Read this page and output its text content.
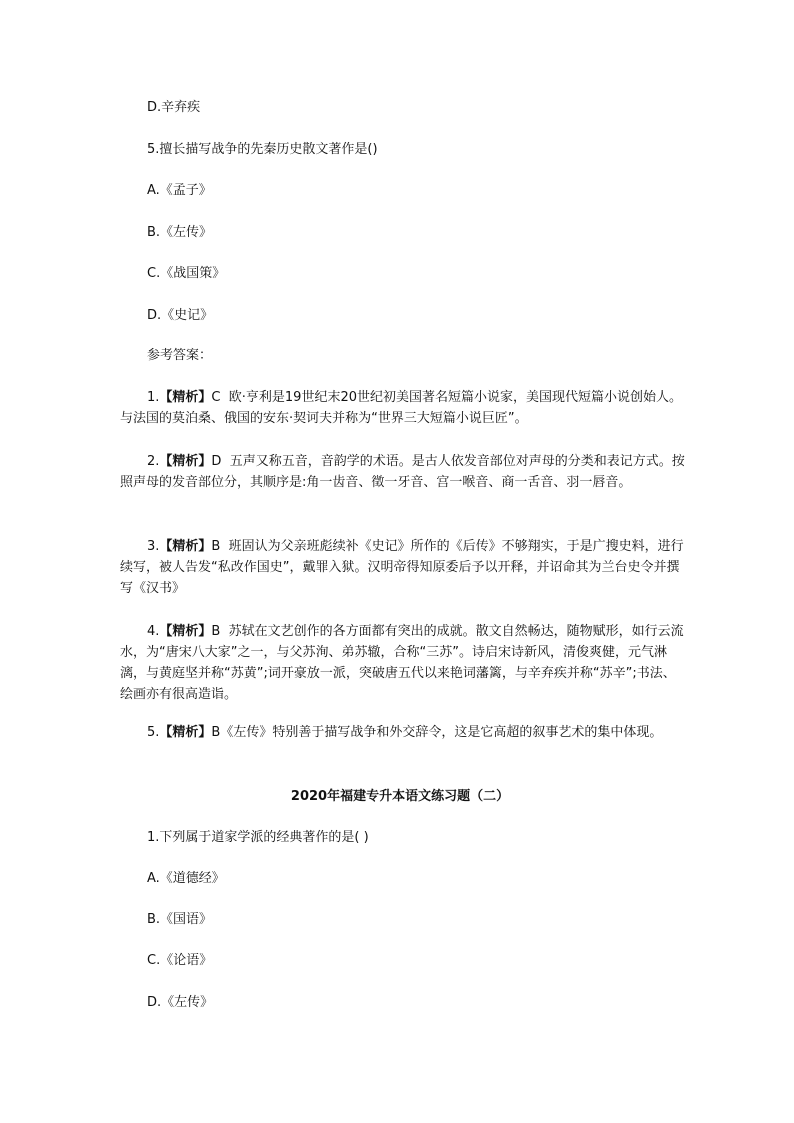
D.辛弃疾

5.擅长描写战争的先秦历史散文著作是()

A.《孟子》

B.《左传》

C.《战国策》

D.《史记》

参考答案：

1.【精析】C  欧·亨利是19世纪末20世纪初美国著名短篇小说家，美国现代短篇小说创始人。与法国的莫泊桑、俄国的安东·契诃夫并称为“世界三大短篇小说巨匠”。

2.【精析】D  五声又称五音，音韵学的术语。是古人依发音部位对声母的分类和表记方式。按照声母的发音部位分，其顺序是:角一齿音、徵一牙音、宫一喉音、商一舌音、羽一唇音。

3.【精析】B  班固认为父亲班彪续补《史记》所作的《后传》不够翔实，于是广搜史料，进行续写，被人告发“私改作国史”，戴罪入狱。汉明帝得知原委后予以开释，并诏命其为兰台史令并撰写《汉书》

4.【精析】B  苏轼在文艺创作的各方面都有突出的成就。散文自然畅达，随物赋形，如行云流水，为“唐宋八大家”之一，与父苏洵、弟苏辙，合称“三苏”。诗启宋诗新风，清俊爽健，元气淋漓，与黄庭坚并称“苏黄”;词开豪放一派，突破唐五代以来艳词藩篱，与辛弃疾并称“苏辛”;书法、绘画亦有很高造诣。

5.【精析】B《左传》特别善于描写战争和外交辞令，这是它高超的叙事艺术的集中体现。

2020年福建专升本语文练习题（二）

1.下列属于道家学派的经典著作的是( )

A.《道德经》

B.《国语》

C.《论语》

D.《左传》
